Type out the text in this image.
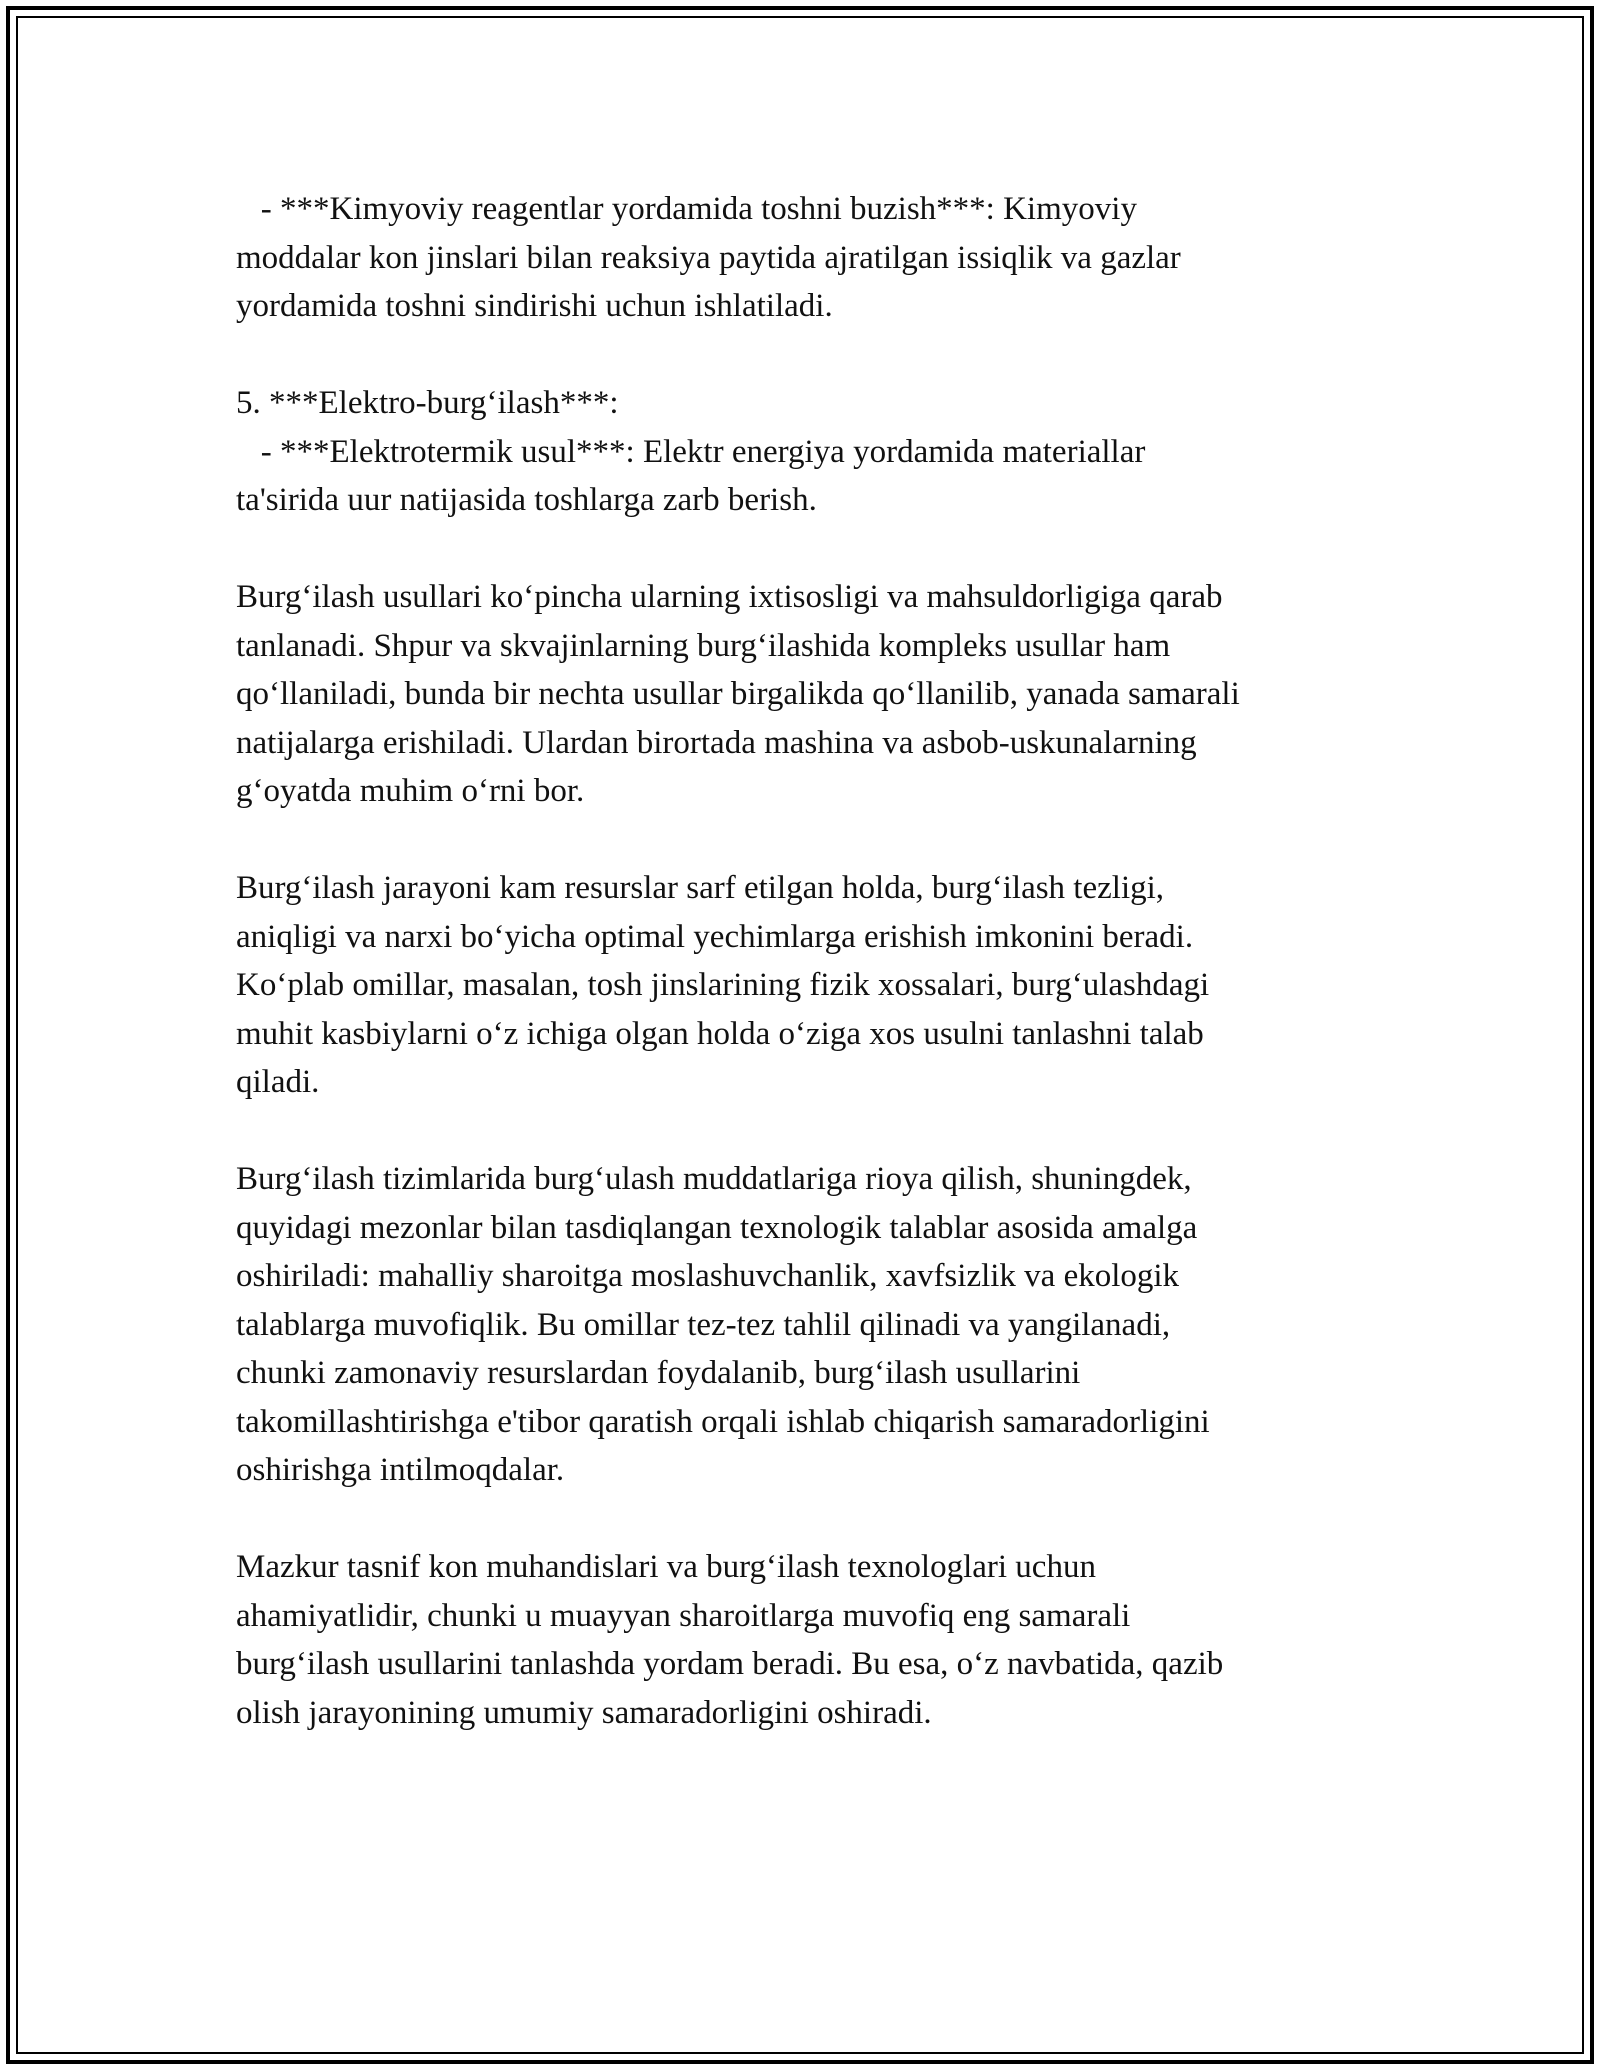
- ***Kimyoviy reagentlar yordamida toshni buzish***: Kimyoviy
moddalar kon jinslari bilan reaksiya paytida ajratilgan issiqlik va gazlar
yordamida toshni sindirishi uchun ishlatiladi.

5. ***Elektro-burg‘ilash***:
- ***Elektrotermik usul***: Elektr energiya yordamida materiallar
ta'sirida uur natijasida toshlarga zarb berish.

Burg‘ilash usullari ko‘pincha ularning ixtisosligi va mahsuldorligiga qarab
tanlanadi. Shpur va skvajinlarning burg‘ilashida kompleks usullar ham
qo‘llaniladi, bunda bir nechta usullar birgalikda qo‘llanilib, yanada samarali
natijalarga erishiladi. Ulardan birortada mashina va asbob-uskunalarning
g‘oyatda muhim o‘rni bor.

Burg‘ilash jarayoni kam resurslar sarf etilgan holda, burg‘ilash tezligi,
aniqligi va narxi bo‘yicha optimal yechimlarga erishish imkonini beradi.
Ko‘plab omillar, masalan, tosh jinslarining fizik xossalari, burg‘ulashdagi
muhit kasbiylarni o‘z ichiga olgan holda o‘ziga xos usulni tanlashni talab
qiladi.

Burg‘ilash tizimlarida burg‘ulash muddatlariga rioya qilish, shuningdek,
quyidagi mezonlar bilan tasdiqlangan texnologik talablar asosida amalga
oshiriladi: mahalliy sharoitga moslashuvchanlik, xavfsizlik va ekologik
talablarga muvofiqlik. Bu omillar tez-tez tahlil qilinadi va yangilanadi,
chunki zamonaviy resurslardan foydalanib, burg‘ilash usullarini
takomillashtirishga e'tibor qaratish orqali ishlab chiqarish samaradorligini
oshirishga intilmoqdalar.

Mazkur tasnif kon muhandislari va burg‘ilash texnologlari uchun
ahamiyatlidir, chunki u muayyan sharoitlarga muvofiq eng samarali
burg‘ilash usullarini tanlashda yordam beradi. Bu esa, o‘z navbatida, qazib
olish jarayonining umumiy samaradorligini oshiradi.
